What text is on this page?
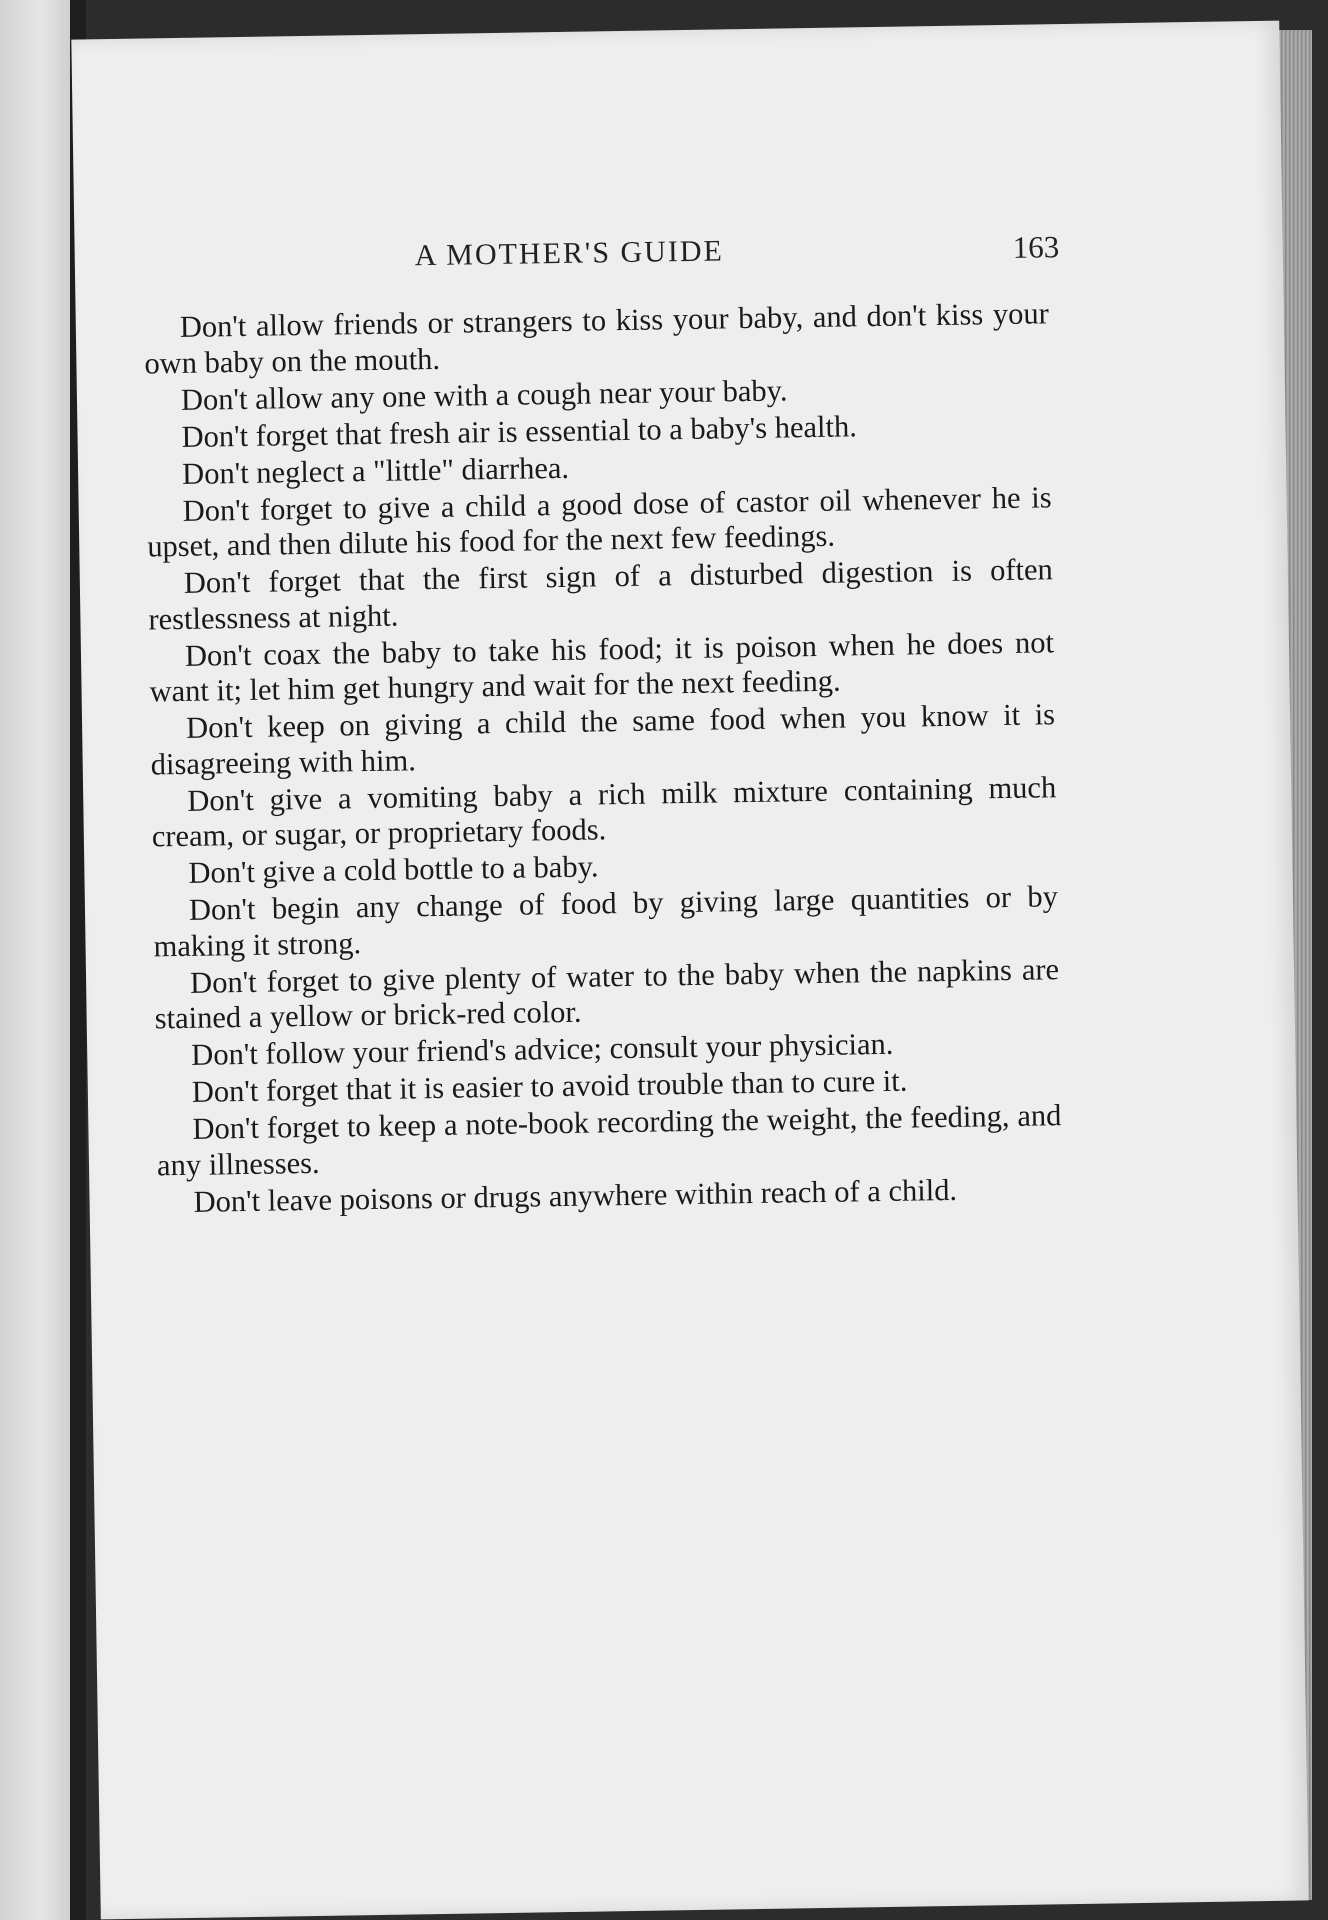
A MOTHER'S GUIDE	163

Don't allow friends or strangers to kiss your baby, and don't kiss your own baby on the mouth.

Don't allow any one with a cough near your baby.

Don't forget that fresh air is essential to a baby's health.

Don't neglect a "little" diarrhea.

Don't forget to give a child a good dose of castor oil whenever he is upset, and then dilute his food for the next few feedings.

Don't forget that the first sign of a disturbed digestion is often restlessness at night.

Don't coax the baby to take his food; it is poison when he does not want it; let him get hungry and wait for the next feeding.

Don't keep on giving a child the same food when you know it is disagreeing with him.

Don't give a vomiting baby a rich milk mixture containing much cream, or sugar, or proprietary foods.

Don't give a cold bottle to a baby.

Don't begin any change of food by giving large quantities or by making it strong.

Don't forget to give plenty of water to the baby when the napkins are stained a yellow or brick-red color.

Don't follow your friend's advice; consult your physician.

Don't forget that it is easier to avoid trouble than to cure it.

Don't forget to keep a note-book recording the weight, the feeding, and any illnesses.

Don't leave poisons or drugs anywhere within reach of a child.
